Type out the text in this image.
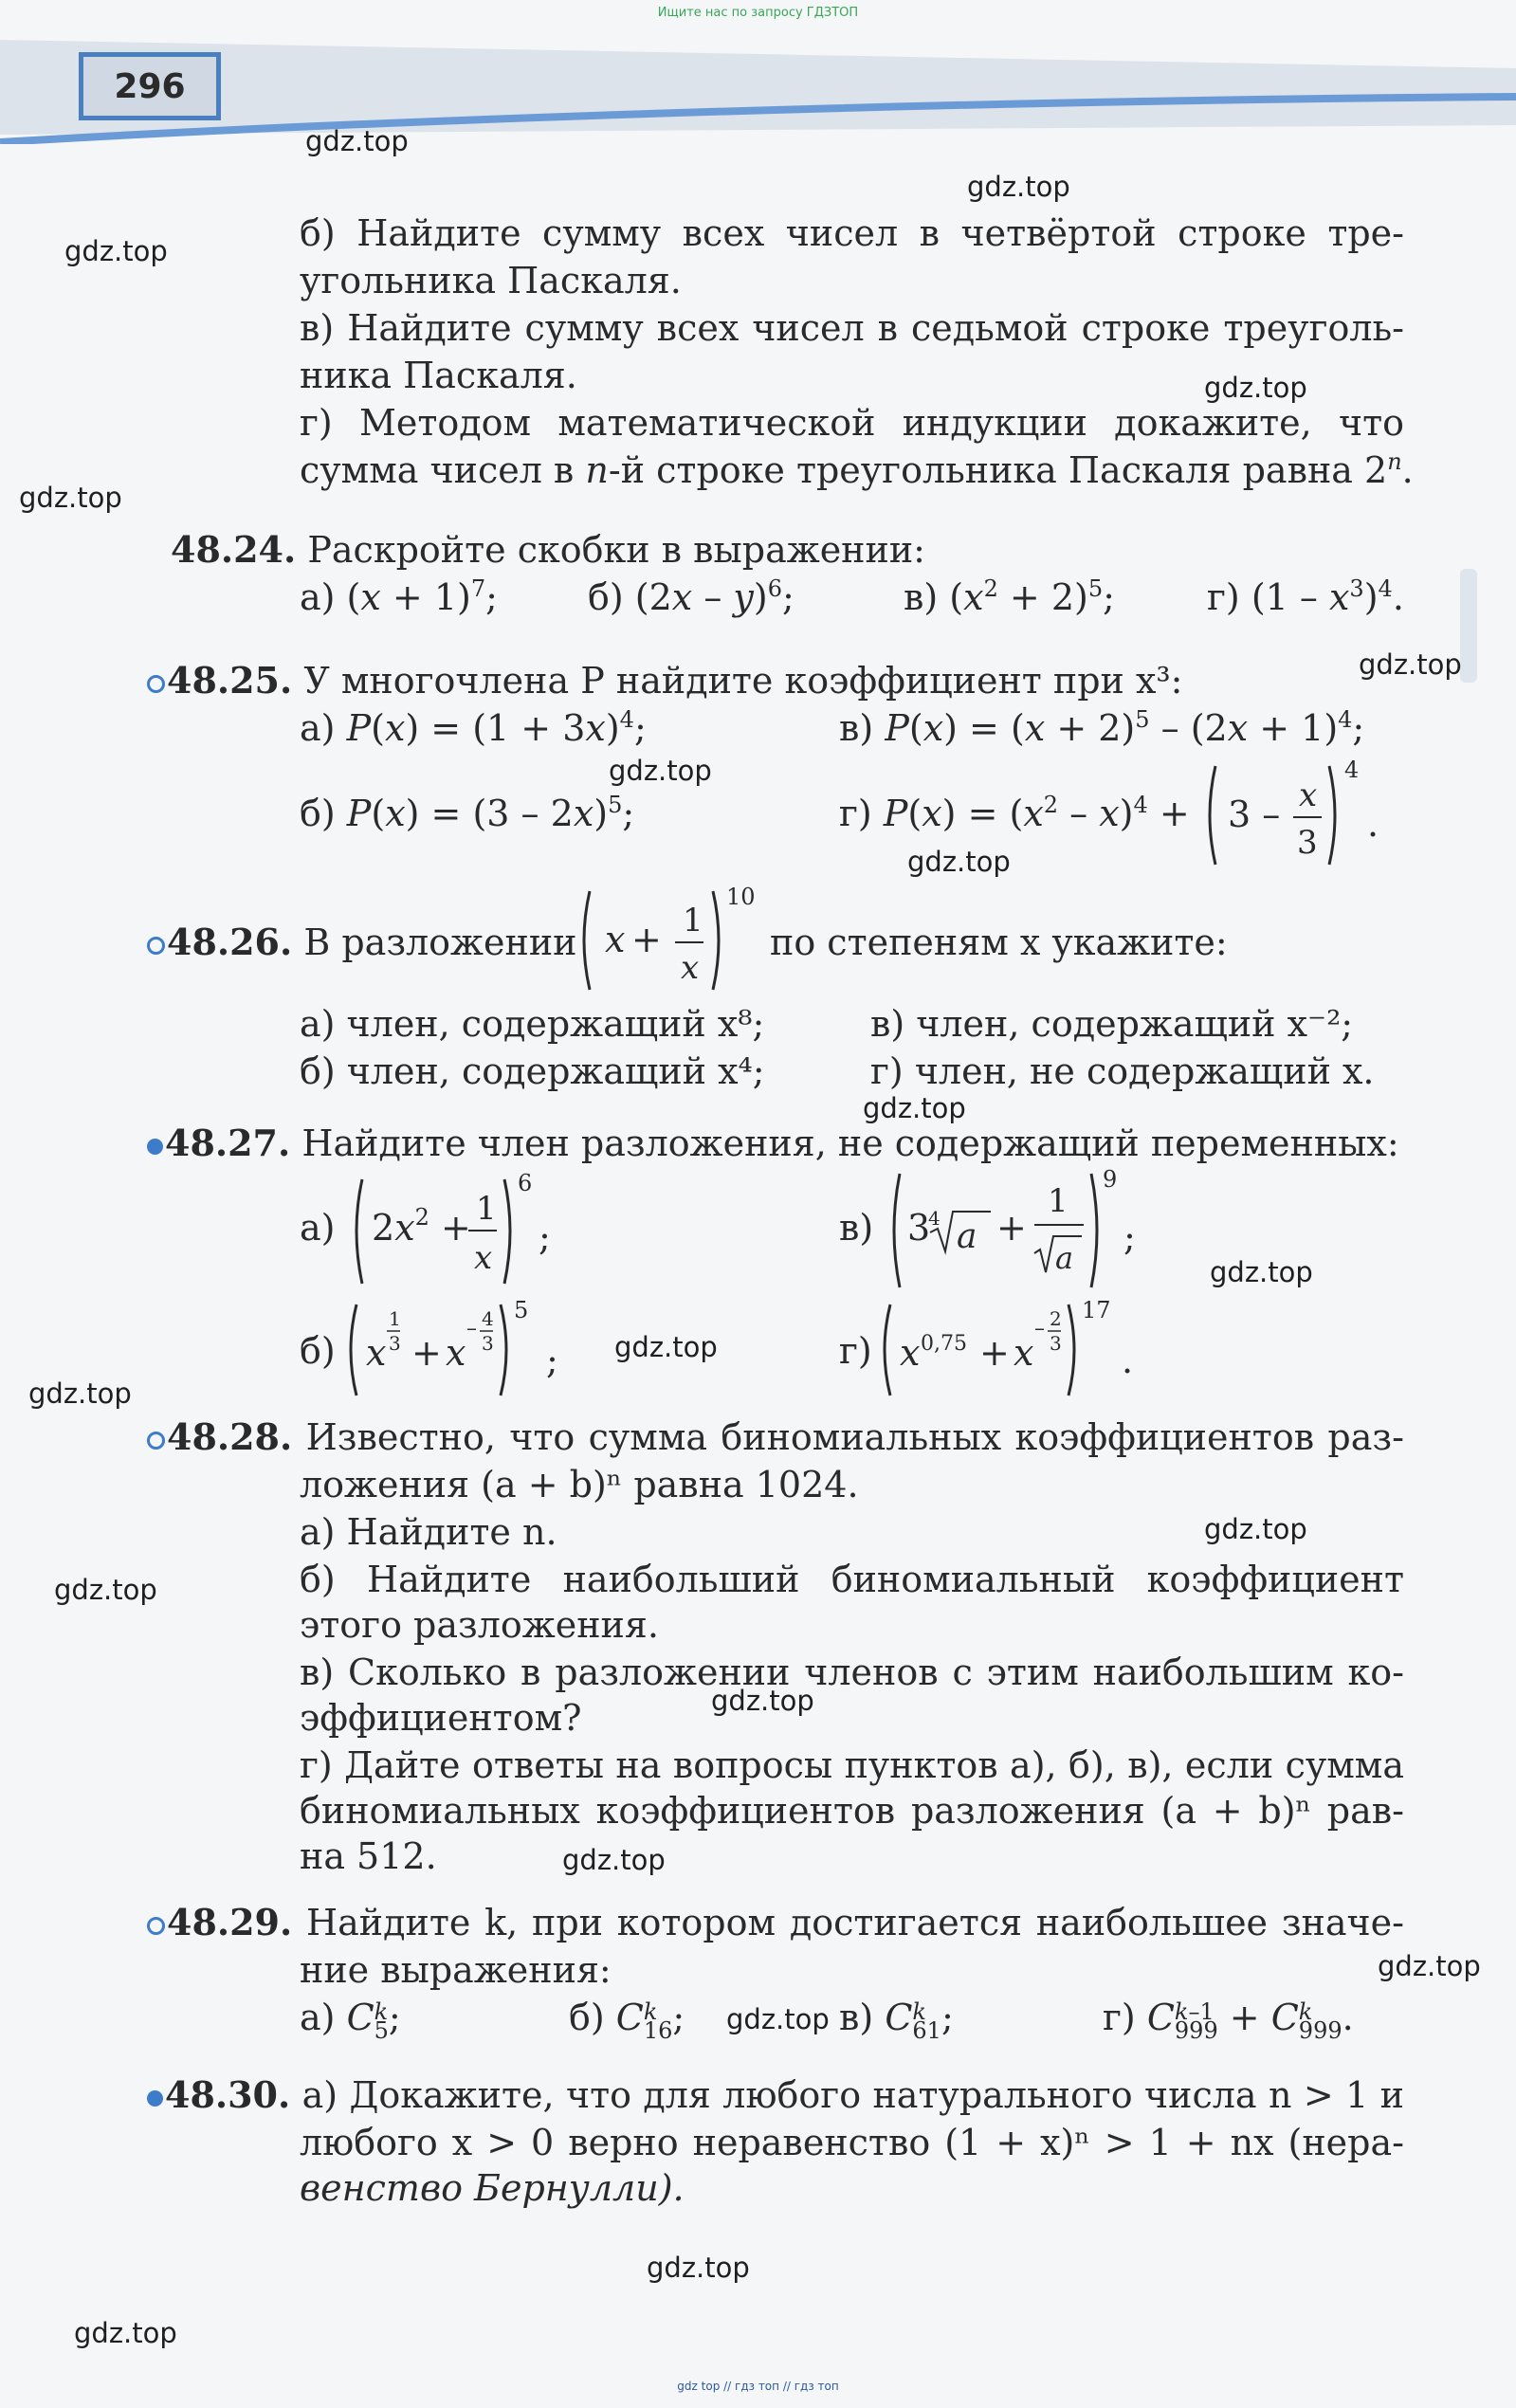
Ищите нас по запросу ГДЗТОП
296
gdz.top
gdz.top
gdz.top
gdz.top
gdz.top
gdz.top
gdz.top
gdz.top
gdz.top
gdz.top
gdz.top
gdz.top
gdz.top
gdz.top
gdz.top
gdz.top
gdz.top
gdz.top
gdz.top
gdz.top
б) Найдите сумму всех чисел в четвёртой строке тре-
угольника Паскаля.
в) Найдите сумму всех чисел в седьмой строке треуголь-
ника Паскаля.
г) Методом математической индукции докажите, что
сумма чисел в n-й строке треугольника Паскаля равна 2$^n$.
48.24. Раскройте скобки в выражении:
а) $(x + 1)^7$;	б) (2x – y)$^6$;	в) $(x^2 + 2)^5$;	г) $(1 - x^3)^4$.
48.25. У многочлена P найдите коэффициент при x³:
а) $P(x) = (1 + 3x)^4$;	в) $P(x) = (x + 2)^5 - (2x + 1)^4$;
б) P(x) = (3 – 2x)$^5$;	г) $P(x) = (x^2 - x)^4 + 3 - x$
3
4
.
48.26. В разложении x + 1
x
10
по степеням x укажите:
а) член, содержащий x⁸;	в) член, содержащий x⁻²;
б) член, содержащий x⁴;	г) член, не содержащий x.
48.27. Найдите член разложения, не содержащий переменных:
а) $2x^2 + 1$
x
6
;	в) 3
4 a +
1
a
9
;
б) x
1
3 + x
– 4
3
5
;	г) x 0,75 + x
– 2
3
17
.
48.28. Известно, что сумма биномиальных коэффициентов раз-
ложения (a + b)ⁿ равна 1024.
а) Найдите n.
б) Найдите наибольший биномиальный коэффициент
этого разложения.
в) Сколько в разложении членов с этим наибольшим ко-
эффициентом?
г) Дайте ответы на вопросы пунктов а), б), в), если сумма
биномиальных коэффициентов разложения (a + b)ⁿ рав-
на 512.
48.29. Найдите k, при котором достигается наибольшее значе-
ние выражения:
а) Ck
5;	б) Ck
16;	в) Ck
61;	г) Ck–1
999 + Ck
999.
48.30. а) Докажите, что для любого натурального числа n > 1 и
любого x > 0 верно неравенство (1 + x)ⁿ > 1 + nx (нера-
венство Бернулли).
gdz top // гдз топ // гдз топ
